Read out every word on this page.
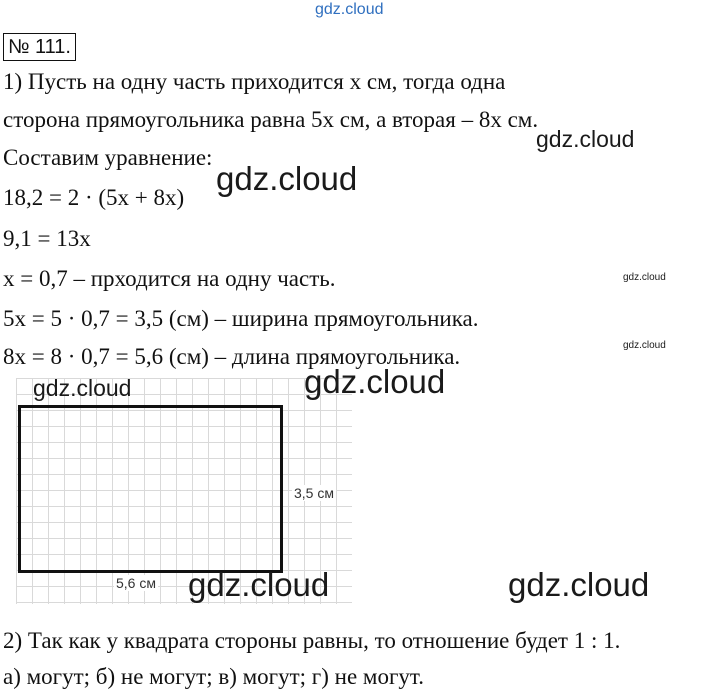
gdz.cloud
№ 111.
1) Пусть на одну часть приходится x см, тогда одна
сторона прямоугольника равна 5x см, а вторая – 8x см.
Составим уравнение:
18,2 = 2 · (5x + 8x)
9,1 = 13x
x = 0,7 – прходится на одну часть.
5x = 5 · 0,7 = 3,5 (см) – ширина прямоугольника.
8x = 8 · 0,7 = 5,6 (см) – длина прямоугольника.
3,5 см
5,6 см
2) Так как у квадрата стороны равны, то отношение будет 1 : 1.
а) могут; б) не могут; в) могут; г) не могут.
gdz.cloud
gdz.cloud
gdz.cloud
gdz.cloud
gdz.cloud	gdz.cloud
gdz.cloud	gdz.cloud
